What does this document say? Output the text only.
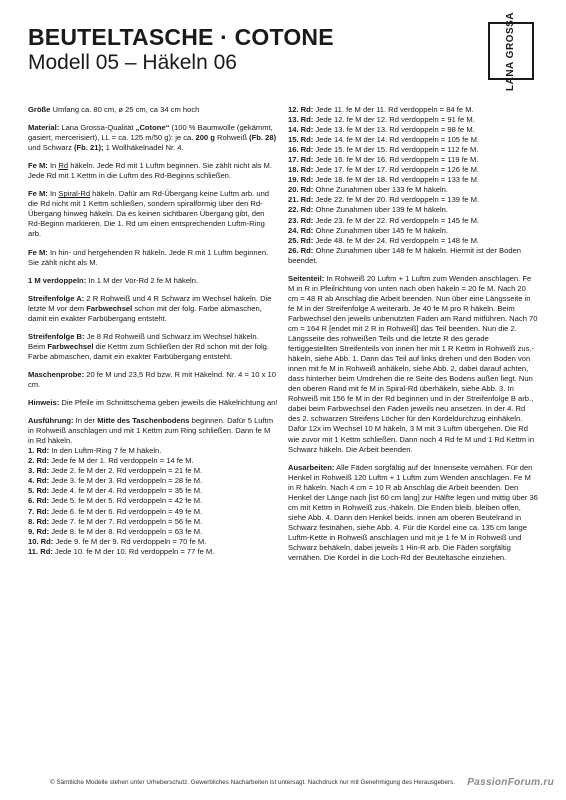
BEUTELTASCHE · COTONE
Modell 05 – Häkeln 06	LANA GROSSA

Größe Umfang ca. 80 cm, ø 25 cm, ca 34 cm hoch

Material: Lana Grossa-Qualität „Cotone“ (100 % Baumwolle (gekämmt, gasiert, mercerisiert), LL = ca. 125 m/50 g): je ca. 200 g Rohweiß (Fb. 28) und Schwarz (Fb. 21); 1 Wollhäkelnadel Nr. 4.

Fe M: In Rd häkeln. Jede Rd mit 1 Luftm beginnen. Sie zählt nicht als M. Jede Rd mit 1 Kettm in die Luftm des Rd-Beginns schließen.

Fe M: In Spiral-Rd häkeln. Dafür am Rd-Übergang keine Luftm arb. und die Rd nicht mit 1 Kettm schließen, sondern spiralförmig über den Rd-Übergang hinweg häkeln. Da es keinen sichtbaren Übergang gibt, den Rd-Beginn markieren. Die 1. Rd um einen entsprechenden Luftm-Ring arb.

Fe M: In hin- und hergehenden R häkeln. Jede R mit 1 Luftm beginnen. Sie zählt nicht als M.

1 M verdoppeln: In 1 M der Vor-Rd 2 fe M häkeln.

Streifenfolge A: 2 R Rohweiß und 4 R Schwarz im Wechsel häkeln. Die letzte M vor dem Farbwechsel schon mit der folg. Farbe abmaschen, damit ein exakter Farbübergang entsteht.

Streifenfolge B: Je 8 Rd Rohweiß und Schwarz im Wechsel häkeln. Beim Farbwechsel die Kettm zum Schließen der Rd schon mit der folg. Farbe abmaschen, damit ein exakter Farbübergang entsteht.

Maschenprobe: 20 fe M und 23,5 Rd bzw. R mit Häkelnd. Nr. 4 = 10 x 10 cm.

Hinweis: Die Pfeile im Schnittschema geben jeweils die Häkelrichtung an!

Ausführung: In der Mitte des Taschenbodens beginnen. Dafür 5 Luftm in Rohweiß anschlagen und mit 1 Kettm zum Ring schließen. Dann fe M in Rd häkeln.

1. Rd: In den Luftm-Ring 7 fe M häkeln.
2. Rd: Jede fe M der 1. Rd verdoppeln = 14 fe M.
3. Rd: Jede 2. fe M der 2. Rd verdoppeln = 21 fe M.
4. Rd: Jede 3. fe M der 3. Rd verdoppeln = 28 fe M.
5. Rd: Jede 4. fe M der 4. Rd verdoppeln = 35 fe M.
6. Rd: Jede 5. fe M der 5. Rd verdoppeln = 42 fe M.
7. Rd: Jede 6. fe M der 6. Rd verdoppeln = 49 fe M.
8. Rd: Jede 7. fe M der 7. Rd verdoppeln = 56 fe M.
9. Rd: Jede 8. fe M der 8. Rd verdoppeln = 63 fe M.
10. Rd: Jede 9. fe M der 9. Rd verdoppeln = 70 fe M.
11. Rd: Jede 10. fe M der 10. Rd verdoppeln = 77 fe M.
12. Rd: Jede 11. fe M der 11. Rd verdoppeln = 84 fe M.
13. Rd: Jede 12. fe M der 12. Rd verdoppeln = 91 fe M.
14. Rd: Jede 13. fe M der 13. Rd verdoppeln = 98 fe M.
15. Rd: Jede 14. fe M der 14. Rd verdoppeln = 105 fe M.
16. Rd: Jede 15. fe M der 15. Rd verdoppeln = 112 fe M.
17. Rd: Jede 16. fe M der 16. Rd verdoppeln = 119 fe M.
18. Rd: Jede 17. fe M der 17. Rd verdoppeln = 126 fe M.
19. Rd: Jede 18. fe M der 18. Rd verdoppeln = 133 fe M.
20. Rd: Ohne Zunahmen über 133 fe M häkeln.
21. Rd: Jede 22. fe M der 20. Rd verdoppeln = 139 fe M.
22. Rd: Ohne Zunahmen über 139 fe M häkeln.
23. Rd: Jede 23. fe M der 22. Rd verdoppeln = 145 fe M.
24. Rd: Ohne Zunahmen über 145 fe M häkeln.
25. Rd: Jede 48. fe M der 24. Rd verdoppeln = 148 fe M.
26. Rd: Ohne Zunahmen über 148 fe M häkeln. Hiermit ist der Boden beendet.

Seitenteil: In Rohweiß 20 Luftm + 1 Luftm zum Wenden anschlagen. Fe M in R in Pfeilrichtung von unten nach oben häkeln = 20 fe M. Nach 20 cm = 48 R ab Anschlag die Arbeit beenden. Nun über eine Längsseite in fe M in der Streifenfolge A weiterarb. Je 40 fe M pro R häkeln. Beim Farbwechsel den jeweils unbenutzten Faden am Rand mitführen. Nach 70 cm = 164 R [endet mit 2 R in Rohweiß] das Teil beenden. Nun die 2. Längsseite des rohweißen Teils und die letzte R des gerade fertiggestellten Streifenteils von innen her mit 1 R Kettm in Rohweiß zus.-häkeln, siehe Abb. 1. Dann das Teil auf links drehen und den Boden von innen mit fe M in Rohweiß anhäkeln, siehe Abb. 2, dabei darauf achten, dass hinterher beim Umdrehen die re Seite des Bodens außen liegt. Nun den oberen Rand mit fe M in Spiral-Rd überhäkeln, siehe Abb. 3. In Rohweiß mit 156 fe M in der Rd beginnen und in der Streifenfolge B arb., dabei beim Farbwechsel den Faden jeweils neu ansetzen. In der 4. Rd des 2. schwarzen Streifens Löcher für den Kordeldurchzug einhäkeln. Dafür 12x im Wechsel 10 M häkeln, 3 M mit 3 Luftm übergehen. Die Rd wie zuvor mit 1 Kettm schließen. Dann noch 4 Rd fe M und 1 Rd Kettm in Schwarz häkeln. Die Arbeit beenden.

Ausarbeiten: Alle Fäden sorgfältig auf der Innenseite vernähen. Für den Henkel in Rohweiß 120 Luftm + 1 Luftm zum Wenden anschlagen. Fe M in R häkeln. Nach 4 cm = 10 R ab Anschlag die Arbeit beenden. Den Henkel der Länge nach [ist 60 cm lang] zur Hälfte legen und mittig über 36 cm mit Kettm in Rohweiß zus.-häkeln. Die Enden bleib. bleiben offen, siehe Abb. 4. Dann den Henkel beids. innen am oberen Beutelrand in Schwarz festnähen, siehe Abb. 4. Für die Kordel eine ca. 135 cm lange Luftm-Kette in Rohweiß anschlagen und mit je 1 fe M in Rohweiß und Schwarz behäkeln, dabei jeweils 1 Hin-R arb. Die Fäden sorgfältig vernähen. Die Kordel in die Loch-Rd der Beuteltasche einziehen.

© Sämtliche Modelle stehen unter Urheberschutz. Gewerbliches Nacharbeiten ist untersagt. Nachdruck nur mit Genehmigung des Herausgebers. PassionForum.ru
